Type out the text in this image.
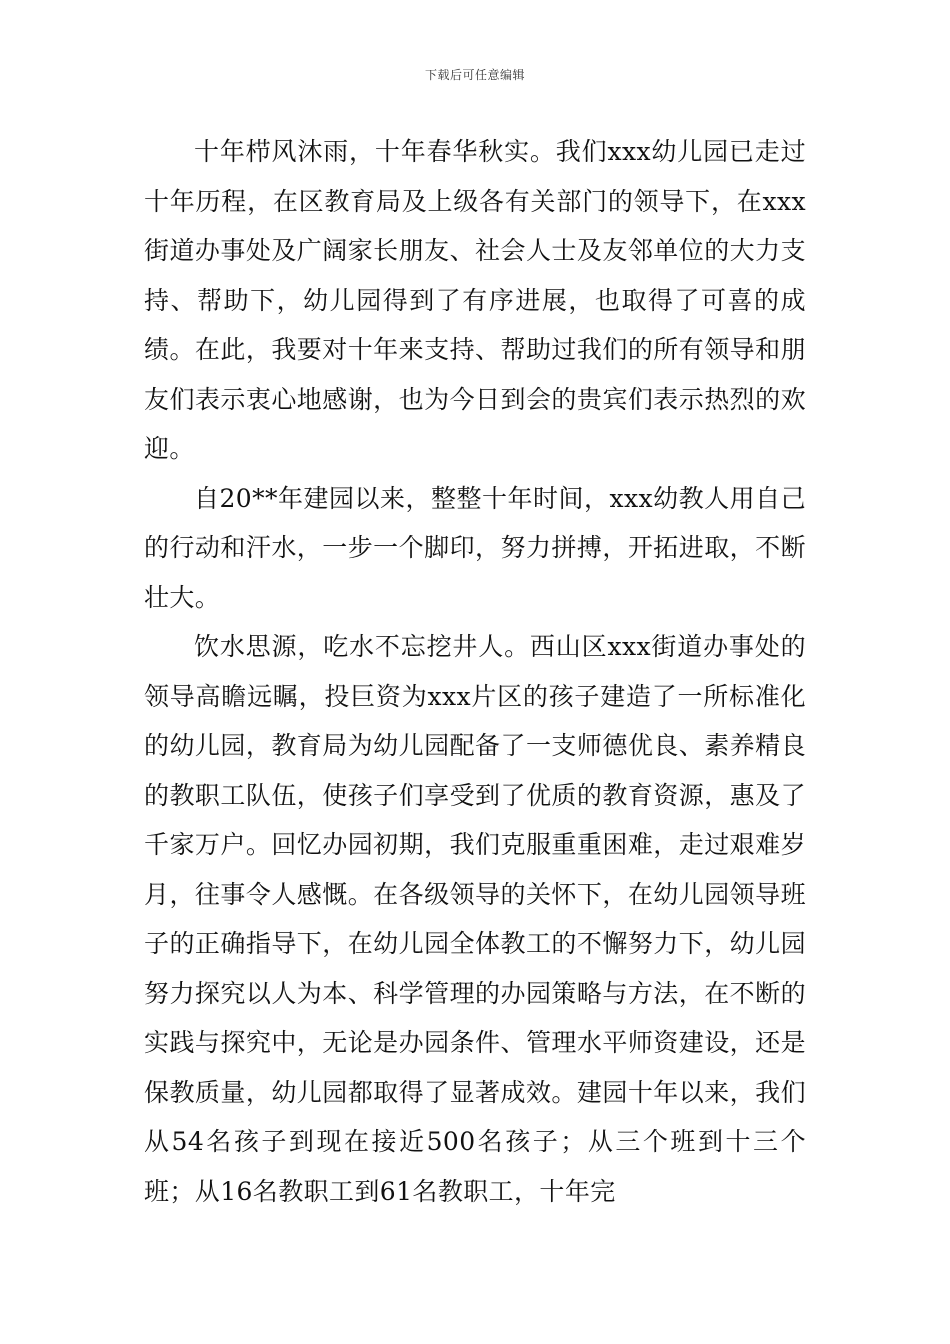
下载后可任意编辑

十年栉风沐雨，十年春华秋实。我们xxx幼儿园已走过十年历程，在区教育局及上级各有关部门的领导下，在xxx街道办事处及广阔家长朋友、社会人士及友邻单位的大力支持、帮助下，幼儿园得到了有序进展，也取得了可喜的成绩。在此，我要对十年来支持、帮助过我们的所有领导和朋友们表示衷心地感谢，也为今日到会的贵宾们表示热烈的欢迎。

自20**年建园以来，整整十年时间，xxx幼教人用自己的行动和汗水，一步一个脚印，努力拼搏，开拓进取，不断壮大。

饮水思源，吃水不忘挖井人。西山区xxx街道办事处的领导高瞻远瞩，投巨资为xxx片区的孩子建造了一所标准化的幼儿园，教育局为幼儿园配备了一支师德优良、素养精良的教职工队伍，使孩子们享受到了优质的教育资源，惠及了千家万户。回忆办园初期，我们克服重重困难，走过艰难岁月，往事令人感慨。在各级领导的关怀下，在幼儿园领导班子的正确指导下，在幼儿园全体教工的不懈努力下，幼儿园努力探究以人为本、科学管理的办园策略与方法，在不断的实践与探究中，无论是办园条件、管理水平师资建设，还是保教质量，幼儿园都取得了显著成效。建园十年以来，我们从54名孩子到现在接近500名孩子；从三个班到十三个班；从16名教职工到61名教职工，十年完
